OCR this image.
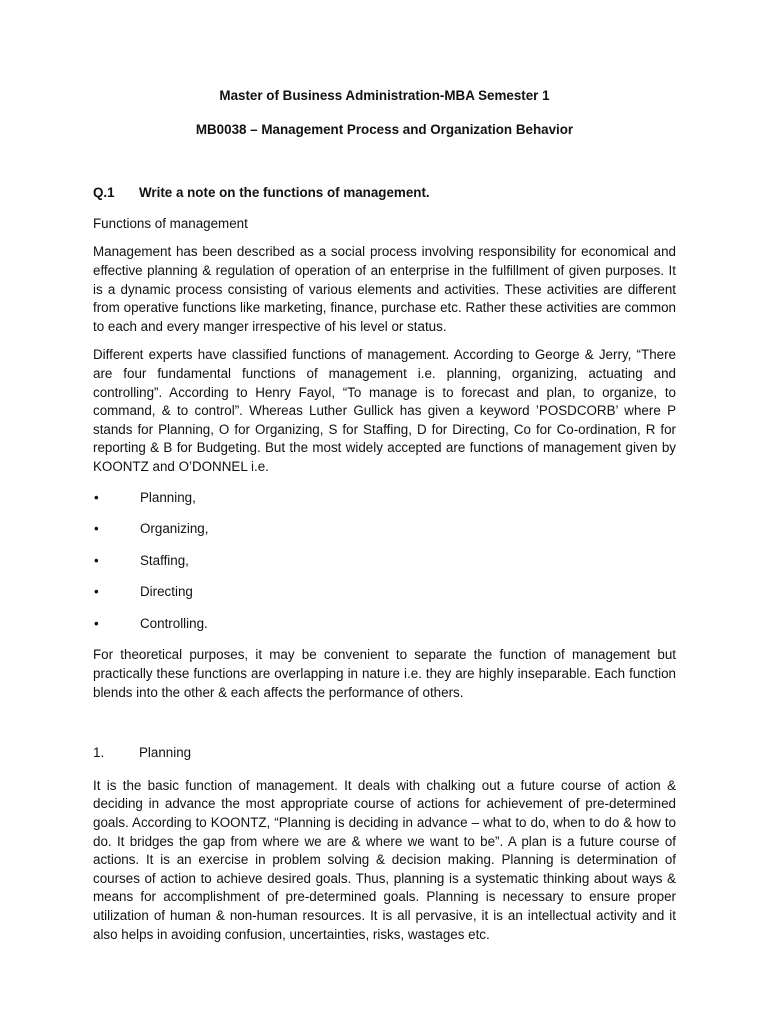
Master of Business Administration-MBA Semester 1
MB0038 – Management Process and Organization Behavior
Q.1	Write a note on the functions of management.
Functions of management

Management has been described as a social process involving responsibility for economical and effective planning & regulation of operation of an enterprise in the fulfillment of given purposes. It is a dynamic process consisting of various elements and activities. These activities are different from operative functions like marketing, finance, purchase etc. Rather these activities are common to each and every manger irrespective of his level or status.

Different experts have classified functions of management. According to George & Jerry, “There are four fundamental functions of management i.e. planning, organizing, actuating and controlling”. According to Henry Fayol, “To manage is to forecast and plan, to organize, to command, & to control”. Whereas Luther Gullick has given a keyword ’POSDCORB’ where P stands for Planning, O for Organizing, S for Staffing, D for Directing, Co for Co-ordination, R for reporting & B for Budgeting. But the most widely accepted are functions of management given by KOONTZ and O’DONNEL i.e.

•	Planning,
•	Organizing,
•	Staffing,
•	Directing
•	Controlling.

For theoretical purposes, it may be convenient to separate the function of management but practically these functions are overlapping in nature i.e. they are highly inseparable. Each function blends into the other & each affects the performance of others.

1.	Planning

It is the basic function of management. It deals with chalking out a future course of action & deciding in advance the most appropriate course of actions for achievement of pre-determined goals. According to KOONTZ, “Planning is deciding in advance – what to do, when to do & how to do. It bridges the gap from where we are & where we want to be”. A plan is a future course of actions. It is an exercise in problem solving & decision making. Planning is determination of courses of action to achieve desired goals. Thus, planning is a systematic thinking about ways & means for accomplishment of pre-determined goals. Planning is necessary to ensure proper utilization of human & non-human resources. It is all pervasive, it is an intellectual activity and it also helps in avoiding confusion, uncertainties, risks, wastages etc.
